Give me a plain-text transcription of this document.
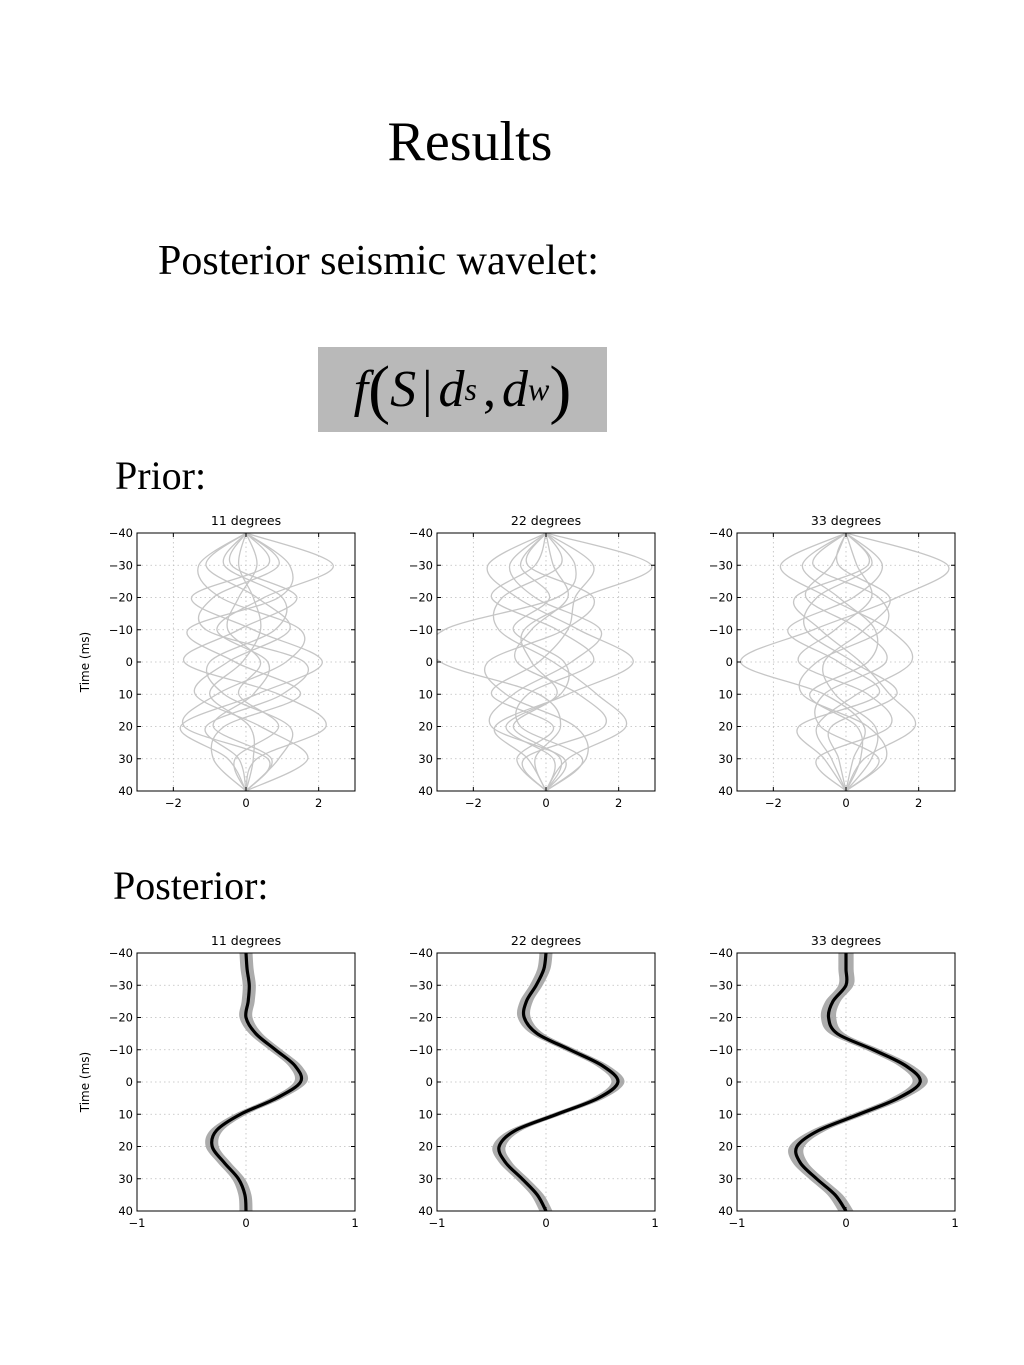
Results
Posterior seismic wavelet:
f ( S | d s , d w )
Prior:
Posterior:
−40
−30
−20
−10
0
10
20
30
40
−2	0	2
11 degrees
Time (ms)
−40
−30
−20
−10
0
10
20
30
40
−2	0	2
22 degrees
−40
−30
−20
−10
0
10
20
30
40
−2	0	2
33 degrees
−40
−30
−20
−10
0
10
20
30
40
−1	0	1
11 degrees
Time (ms)
−40
−30
−20
−10
0
10
20
30
40
−1	0	1
22 degrees
−40
−30
−20
−10
0
10
20
30
40
−1	0	1
33 degrees
